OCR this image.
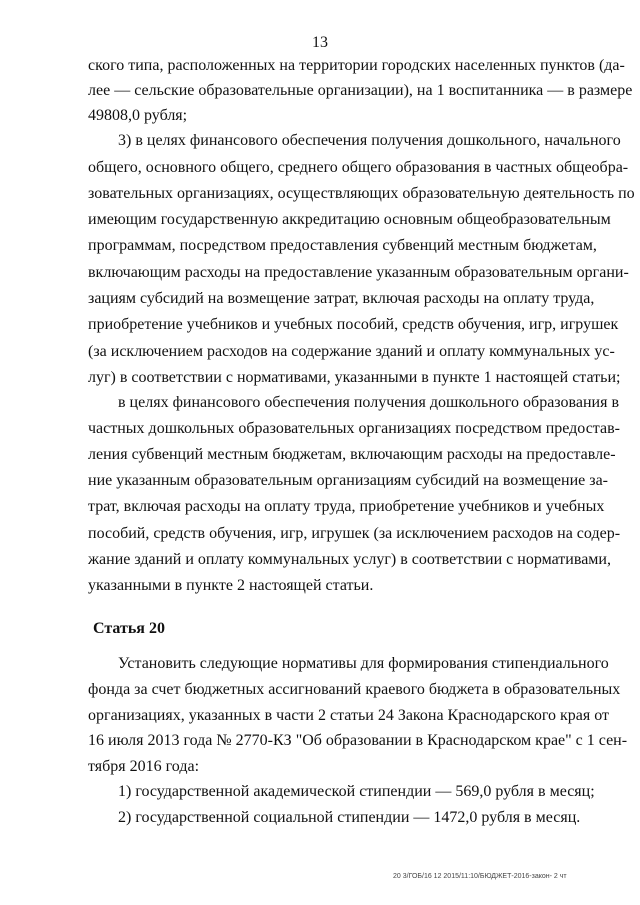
13
ского типа, расположенных на территории городских населенных пунктов (да-
лее — сельские образовательные организации), на 1 воспитанника — в размере
49808,0 рубля;
3) в целях финансового обеспечения получения дошкольного, начального
общего, основного общего, среднего общего образования в частных общеобра-
зовательных организациях, осуществляющих образовательную деятельность по
имеющим государственную аккредитацию основным общеобразовательным
программам, посредством предоставления субвенций местным бюджетам,
включающим расходы на предоставление указанным образовательным органи-
зациям субсидий на возмещение затрат, включая расходы на оплату труда,
приобретение учебников и учебных пособий, средств обучения, игр, игрушек
(за исключением расходов на содержание зданий и оплату коммунальных ус-
луг) в соответствии с нормативами, указанными в пункте 1 настоящей статьи;
в целях финансового обеспечения получения дошкольного образования в
частных дошкольных образовательных организациях посредством предостав-
ления субвенций местным бюджетам, включающим расходы на предоставле-
ние указанным образовательным организациям субсидий на возмещение за-
трат, включая расходы на оплату труда, приобретение учебников и учебных
пособий, средств обучения, игр, игрушек (за исключением расходов на содер-
жание зданий и оплату коммунальных услуг) в соответствии с нормативами,
указанными в пункте 2 настоящей статьи.
Статья 20
Установить следующие нормативы для формирования стипендиального
фонда за счет бюджетных ассигнований краевого бюджета в образовательных
организациях, указанных в части 2 статьи 24 Закона Краснодарского края от
16 июля 2013 года № 2770-КЗ "Об образовании в Краснодарском крае" с 1 сен-
тября 2016 года:
1) государственной академической стипендии — 569,0 рубля в месяц;
2) государственной социальной стипендии — 1472,0 рубля в месяц.
20 3/ГОБ/16 12 2015/11:10/БЮДЖЕТ-2016-закон- 2 чт
